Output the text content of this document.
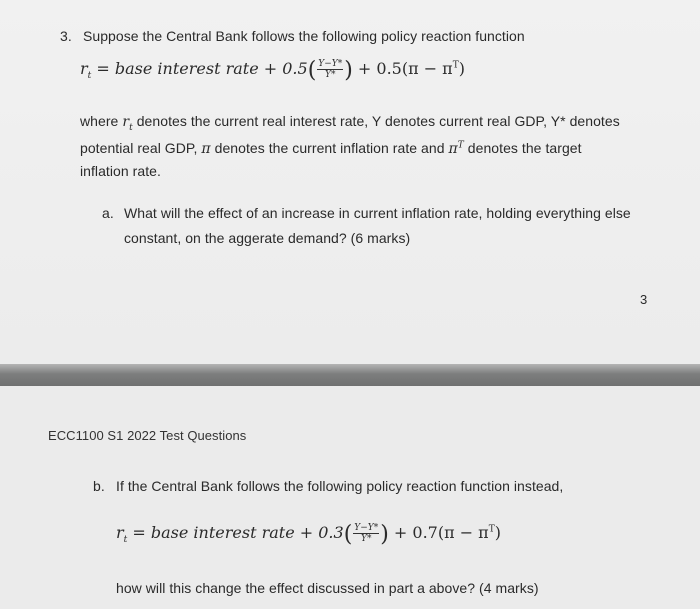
3. Suppose the Central Bank follows the following policy reaction function
$r_t$ = base interest rate + $0.5( \frac{Y-Y*}{Y*}$ ) + $0.5(\pi - \pi^T)$
where $r_t$ denotes the current real interest rate, Y denotes current real GDP, Y* denotes
potential real GDP, π denotes the current inflation rate and $\pi^T$ denotes the target
inflation rate.
a. What will the effect of an increase in current inflation rate, holding everything else
constant, on the aggerate demand? (6 marks)
3
ECC1100 S1 2022 Test Questions
b. If the Central Bank follows the following policy reaction function instead,
$r_t$ = base interest rate + $0.3( \frac{Y-Y*}{Y*}$ ) + $0.7(\pi - \pi^T)$
how will this change the effect discussed in part a above? (4 marks)
